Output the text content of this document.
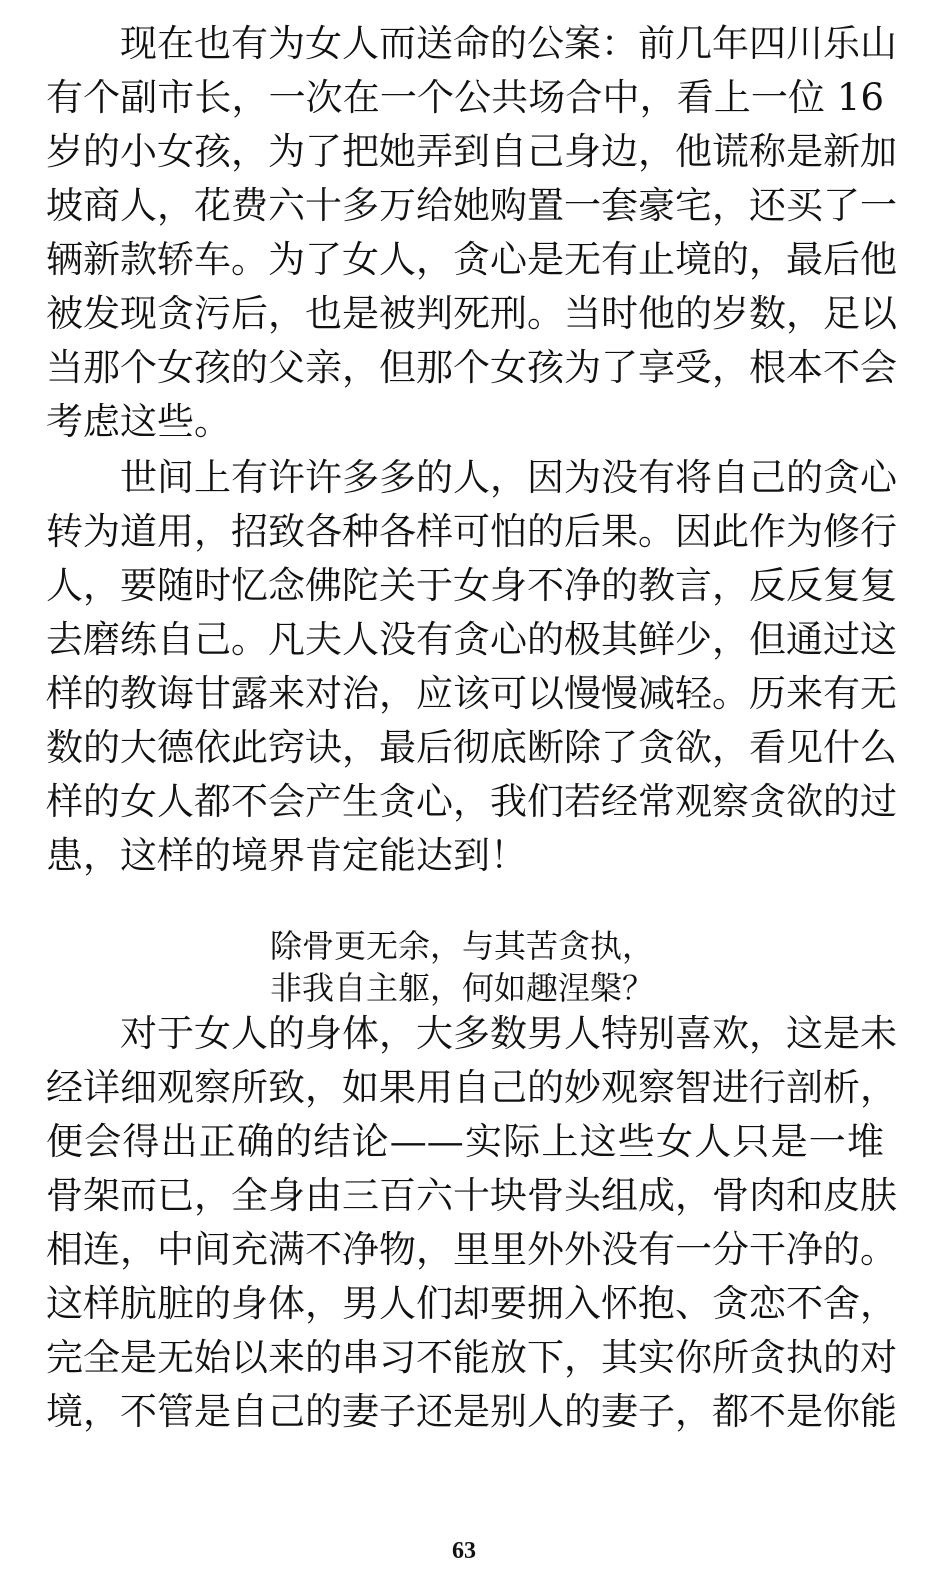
现在也有为女人而送命的公案：前几年四川乐山
有个副市长，一次在一个公共场合中，看上一位 16
岁的小女孩，为了把她弄到自己身边，他谎称是新加
坡商人，花费六十多万给她购置一套豪宅，还买了一
辆新款轿车。为了女人，贪心是无有止境的，最后他
被发现贪污后，也是被判死刑。当时他的岁数，足以
当那个女孩的父亲，但那个女孩为了享受，根本不会
考虑这些。
世间上有许许多多的人，因为没有将自己的贪心
转为道用，招致各种各样可怕的后果。因此作为修行
人，要随时忆念佛陀关于女身不净的教言，反反复复
去磨练自己。凡夫人没有贪心的极其鲜少，但通过这
样的教诲甘露来对治，应该可以慢慢减轻。历来有无
数的大德依此窍诀，最后彻底断除了贪欲，看见什么
样的女人都不会产生贪心，我们若经常观察贪欲的过
患，这样的境界肯定能达到！
除骨更无余，与其苦贪执，
非我自主躯，何如趣涅槃？
对于女人的身体，大多数男人特别喜欢，这是未
经详细观察所致，如果用自己的妙观察智进行剖析，
便会得出正确的结论——实际上这些女人只是一堆
骨架而已，全身由三百六十块骨头组成，骨肉和皮肤
相连，中间充满不净物，里里外外没有一分干净的。
这样肮脏的身体，男人们却要拥入怀抱、贪恋不舍，
完全是无始以来的串习不能放下，其实你所贪执的对
境，不管是自己的妻子还是别人的妻子，都不是你能
63
